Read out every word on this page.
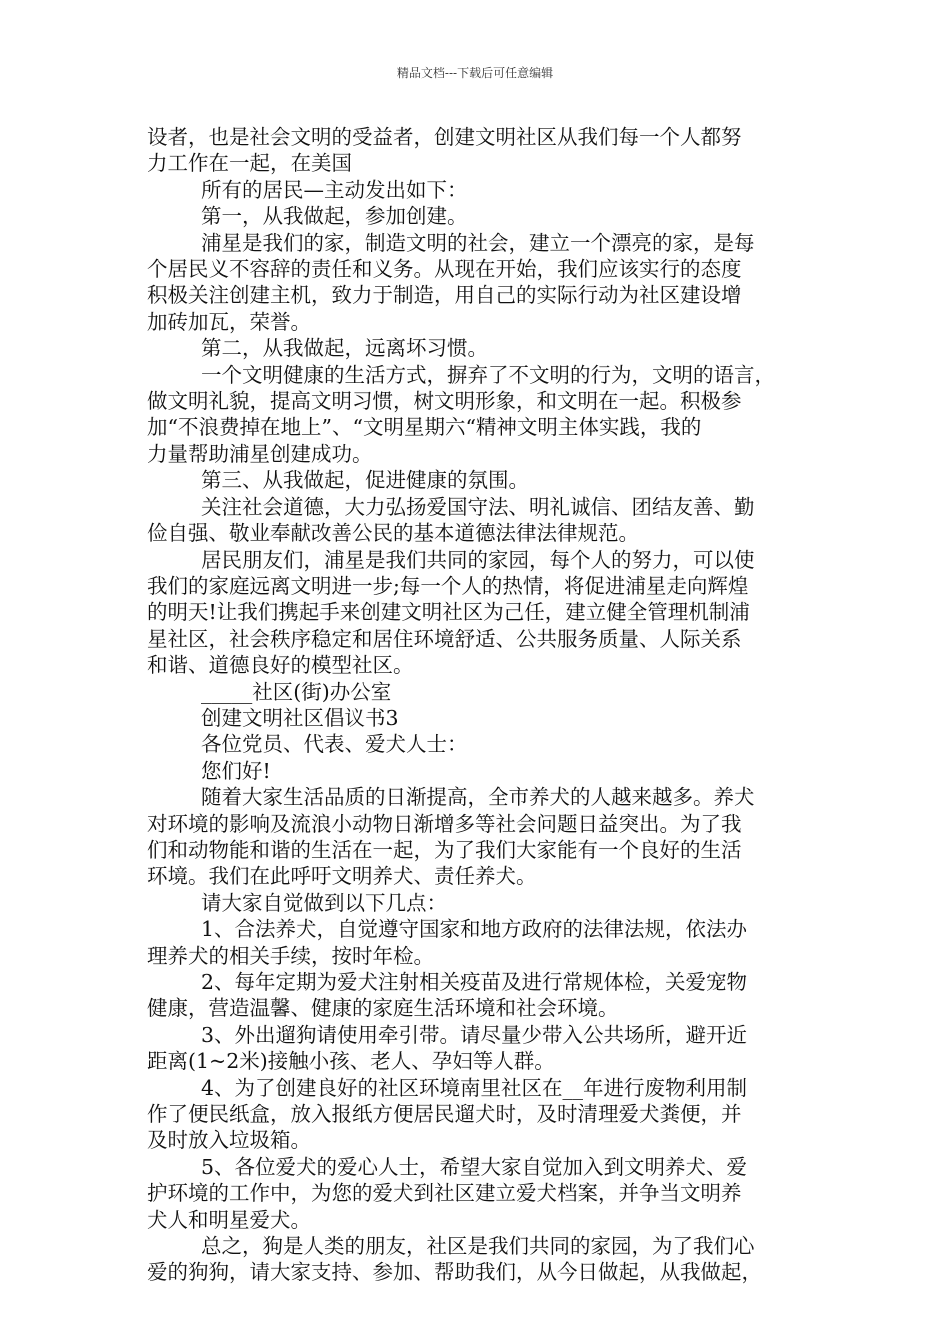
精品文档---下载后可任意编辑

设者，也是社会文明的受益者，创建文明社区从我们每一个人都努

力工作在一起，在美国

所有的居民—主动发出如下：

第一，从我做起，参加创建。

浦星是我们的家，制造文明的社会，建立一个漂亮的家，是每

个居民义不容辞的责任和义务。从现在开始，我们应该实行的态度

积极关注创建主机，致力于制造，用自己的实际行动为社区建设增

加砖加瓦，荣誉。

第二，从我做起，远离坏习惯。

一个文明健康的生活方式，摒弃了不文明的行为，文明的语言，

做文明礼貌，提高文明习惯，树文明形象，和文明在一起。积极参

加“不浪费掉在地上”、“文明星期六“精神文明主体实践，我的

力量帮助浦星创建成功。

第三、从我做起，促进健康的氛围。

关注社会道德，大力弘扬爱国守法、明礼诚信、团结友善、勤

俭自强、敬业奉献改善公民的基本道德法律法律规范。

居民朋友们，浦星是我们共同的家园，每个人的努力，可以使

我们的家庭远离文明进一步;每一个人的热情，将促进浦星走向辉煌

的明天!让我们携起手来创建文明社区为己任，建立健全管理机制浦

星社区，社会秩序稳定和居住环境舒适、公共服务质量、人际关系

和谐、道德良好的模型社区。

_____社区(街)办公室

创建文明社区倡议书3

各位党员、代表、爱犬人士：

您们好!

随着大家生活品质的日渐提高，全市养犬的人越来越多。养犬

对环境的影响及流浪小动物日渐增多等社会问题日益突出。为了我

们和动物能和谐的生活在一起，为了我们大家能有一个良好的生活

环境。我们在此呼吁文明养犬、责任养犬。

请大家自觉做到以下几点：

1、合法养犬，自觉遵守国家和地方政府的法律法规，依法办

理养犬的相关手续，按时年检。

2、每年定期为爱犬注射相关疫苗及进行常规体检，关爱宠物

健康，营造温馨、健康的家庭生活环境和社会环境。

3、外出遛狗请使用牵引带。请尽量少带入公共场所，避开近

距离(1~2米)接触小孩、老人、孕妇等人群。

4、为了创建良好的社区环境南里社区在__年进行废物利用制

作了便民纸盒，放入报纸方便居民遛犬时，及时清理爱犬粪便，并

及时放入垃圾箱。

5、各位爱犬的爱心人士，希望大家自觉加入到文明养犬、爱

护环境的工作中，为您的爱犬到社区建立爱犬档案，并争当文明养

犬人和明星爱犬。

总之，狗是人类的朋友，社区是我们共同的家园，为了我们心

爱的狗狗，请大家支持、参加、帮助我们，从今日做起，从我做起，
